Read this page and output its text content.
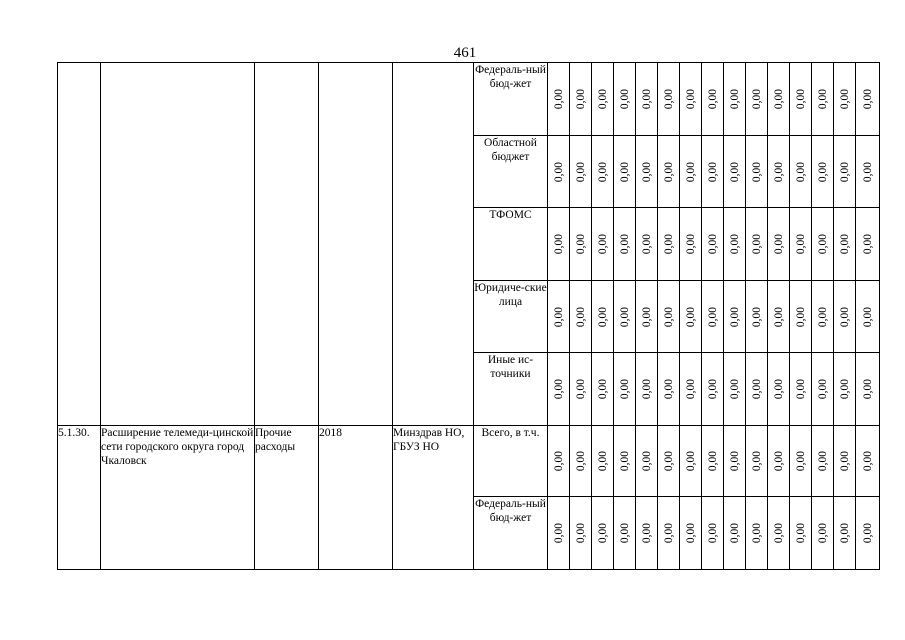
461
					Федераль-ный бюд-жет	0,00	0,00	0,00	0,00	0,00	0,00	0,00	0,00	0,00	0,00	0,00	0,00	0,00	0,00	0,00

					Областной бюджет	0,00	0,00	0,00	0,00	0,00	0,00	0,00	0,00	0,00	0,00	0,00	0,00	0,00	0,00	0,00

					ТФОМС	0,00	0,00	0,00	0,00	0,00	0,00	0,00	0,00	0,00	0,00	0,00	0,00	0,00	0,00	0,00

					Юридиче-ские лица	0,00	0,00	0,00	0,00	0,00	0,00	0,00	0,00	0,00	0,00	0,00	0,00	0,00	0,00	0,00

					Иные ис-точники	0,00	0,00	0,00	0,00	0,00	0,00	0,00	0,00	0,00	0,00	0,00	0,00	0,00	0,00	0,00

5.1.30.	Расширение телемеди-цинской сети городского округа город Чкаловск	Прочие расходы	2018	Минздрав НО, ГБУЗ НО	Всего, в т.ч.	0,00	0,00	0,00	0,00	0,00	0,00	0,00	0,00	0,00	0,00	0,00	0,00	0,00	0,00	0,00

					Федераль-ный бюд-жет	0,00	0,00	0,00	0,00	0,00	0,00	0,00	0,00	0,00	0,00	0,00	0,00	0,00	0,00	0,00
